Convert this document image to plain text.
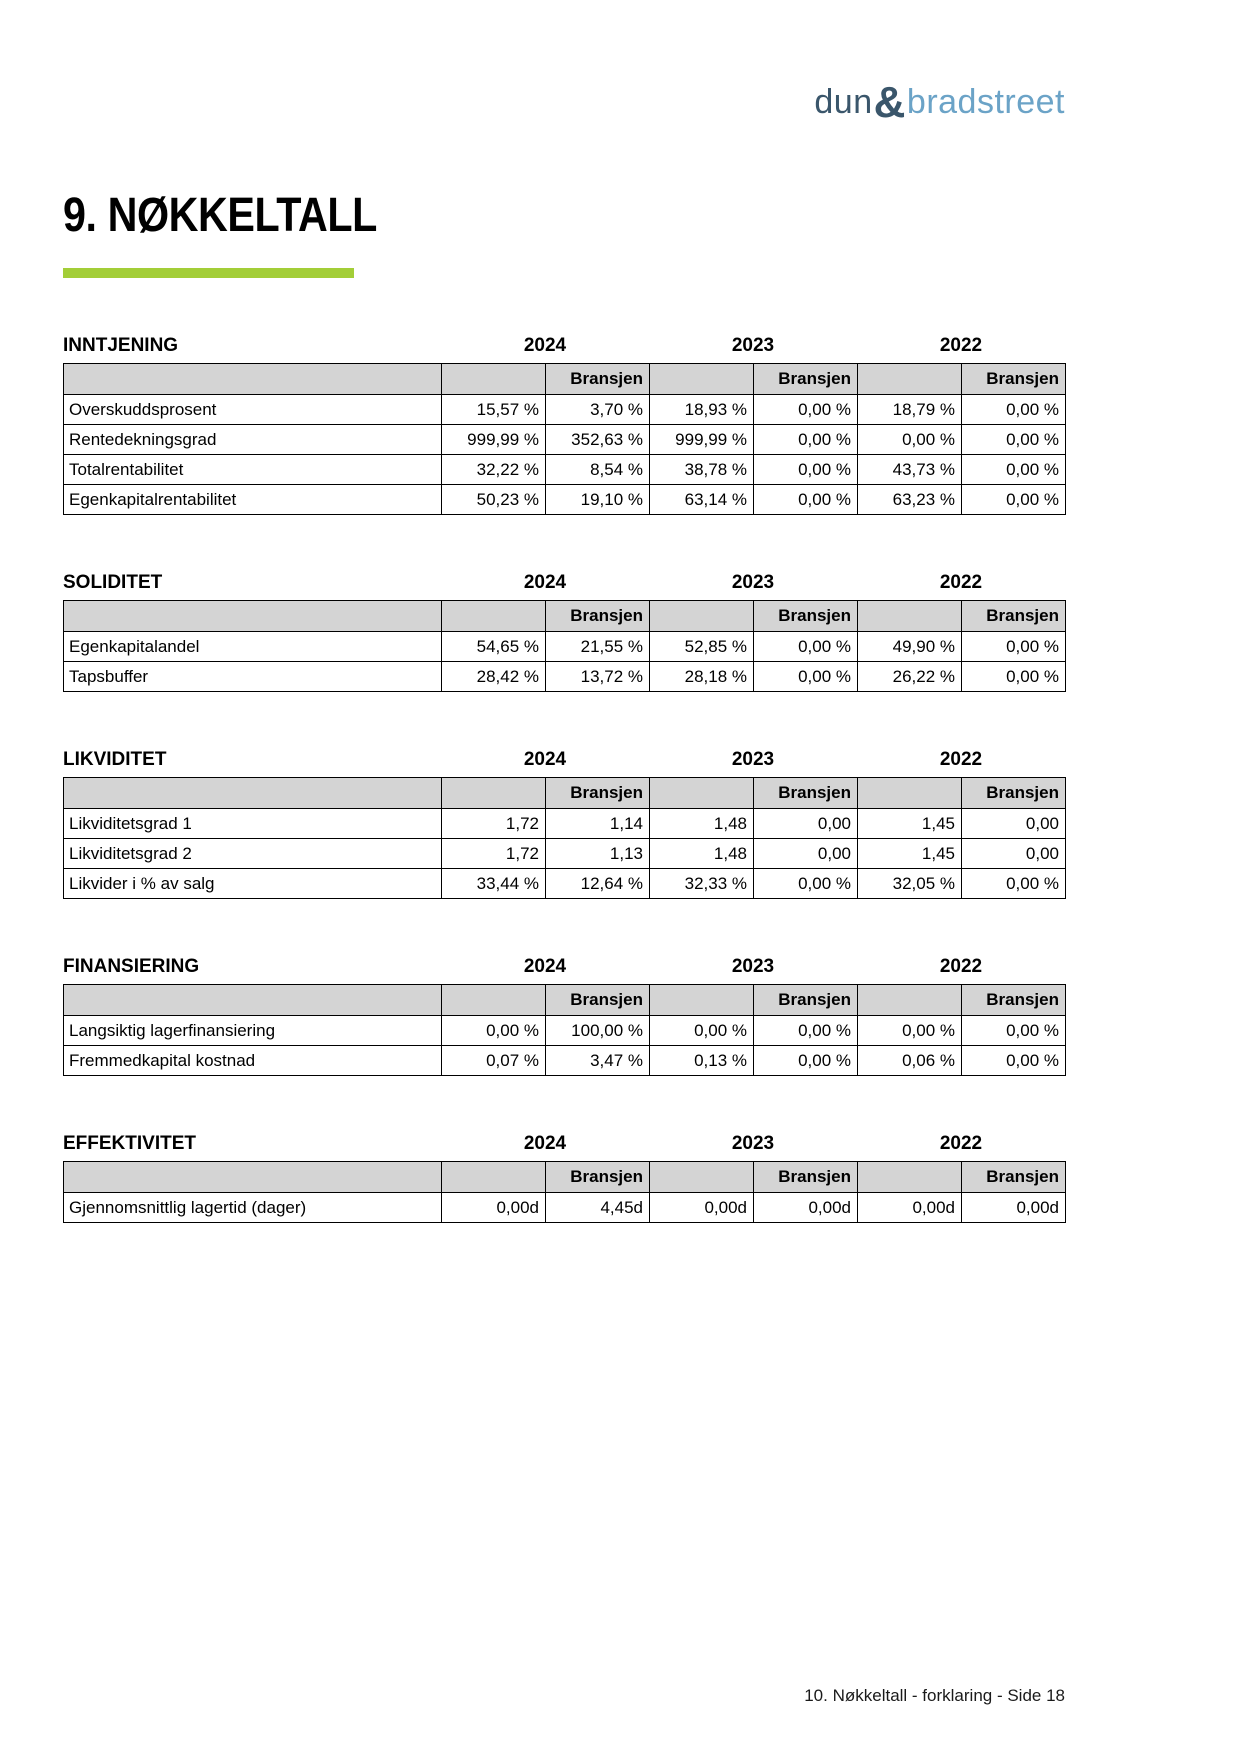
dun&bradstreet
9. NØKKELTALL
INNTJENING	2024	2023	2022
		Bransjen		Bransjen		Bransjen
Overskuddsprosent	15,57 %	3,70 %	18,93 %	0,00 %	18,79 %	0,00 %
Rentedekningsgrad	999,99 %	352,63 %	999,99 %	0,00 %	0,00 %	0,00 %
Totalrentabilitet	32,22 %	8,54 %	38,78 %	0,00 %	43,73 %	0,00 %
Egenkapitalrentabilitet	50,23 %	19,10 %	63,14 %	0,00 %	63,23 %	0,00 %
SOLIDITET	2024	2023	2022
		Bransjen		Bransjen		Bransjen
Egenkapitalandel	54,65 %	21,55 %	52,85 %	0,00 %	49,90 %	0,00 %
Tapsbuffer	28,42 %	13,72 %	28,18 %	0,00 %	26,22 %	0,00 %
LIKVIDITET	2024	2023	2022
		Bransjen		Bransjen		Bransjen
Likviditetsgrad 1	1,72	1,14	1,48	0,00	1,45	0,00
Likviditetsgrad 2	1,72	1,13	1,48	0,00	1,45	0,00
Likvider i % av salg	33,44 %	12,64 %	32,33 %	0,00 %	32,05 %	0,00 %
FINANSIERING	2024	2023	2022
		Bransjen		Bransjen		Bransjen
Langsiktig lagerfinansiering	0,00 %	100,00 %	0,00 %	0,00 %	0,00 %	0,00 %
Fremmedkapital kostnad	0,07 %	3,47 %	0,13 %	0,00 %	0,06 %	0,00 %
EFFEKTIVITET	2024	2023	2022
		Bransjen		Bransjen		Bransjen
Gjennomsnittlig lagertid (dager)	0,00d	4,45d	0,00d	0,00d	0,00d	0,00d
10. Nøkkeltall - forklaring - Side 18
